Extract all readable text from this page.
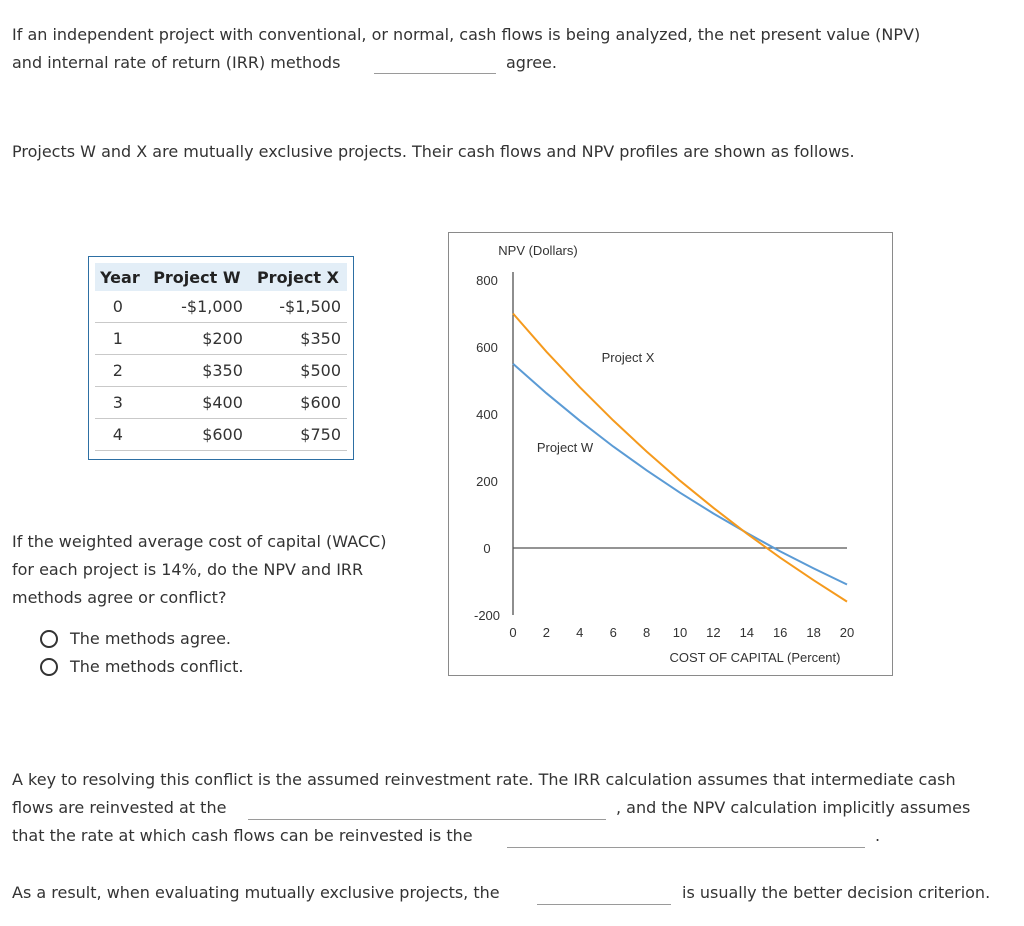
If an independent project with conventional, or normal, cash flows is being analyzed, the net present value (NPV)
and internal rate of return (IRR) methods	agree.
Projects W and X are mutually exclusive projects. Their cash flows and NPV profiles are shown as follows.
Year	Project W	Project X
0	-$1,000	-$1,500
1	$200	$350
2	$350	$500
3	$400	$600
4	$600	$750
If the weighted average cost of capital (WACC)
for each project is 14%, do the NPV and IRR
methods agree or conflict?
The methods agree.
The methods conflict.
NPV (Dollars)
COST OF CAPITAL (Percent)
Project X
Project W
800
600
400
200
0
-200
0 2 4 6 8 10 12 14 16 18 20
A key to resolving this conflict is the assumed reinvestment rate. The IRR calculation assumes that intermediate cash
flows are reinvested at the	, and the NPV calculation implicitly assumes
that the rate at which cash flows can be reinvested is the	.
As a result, when evaluating mutually exclusive projects, the	is usually the better decision criterion.
